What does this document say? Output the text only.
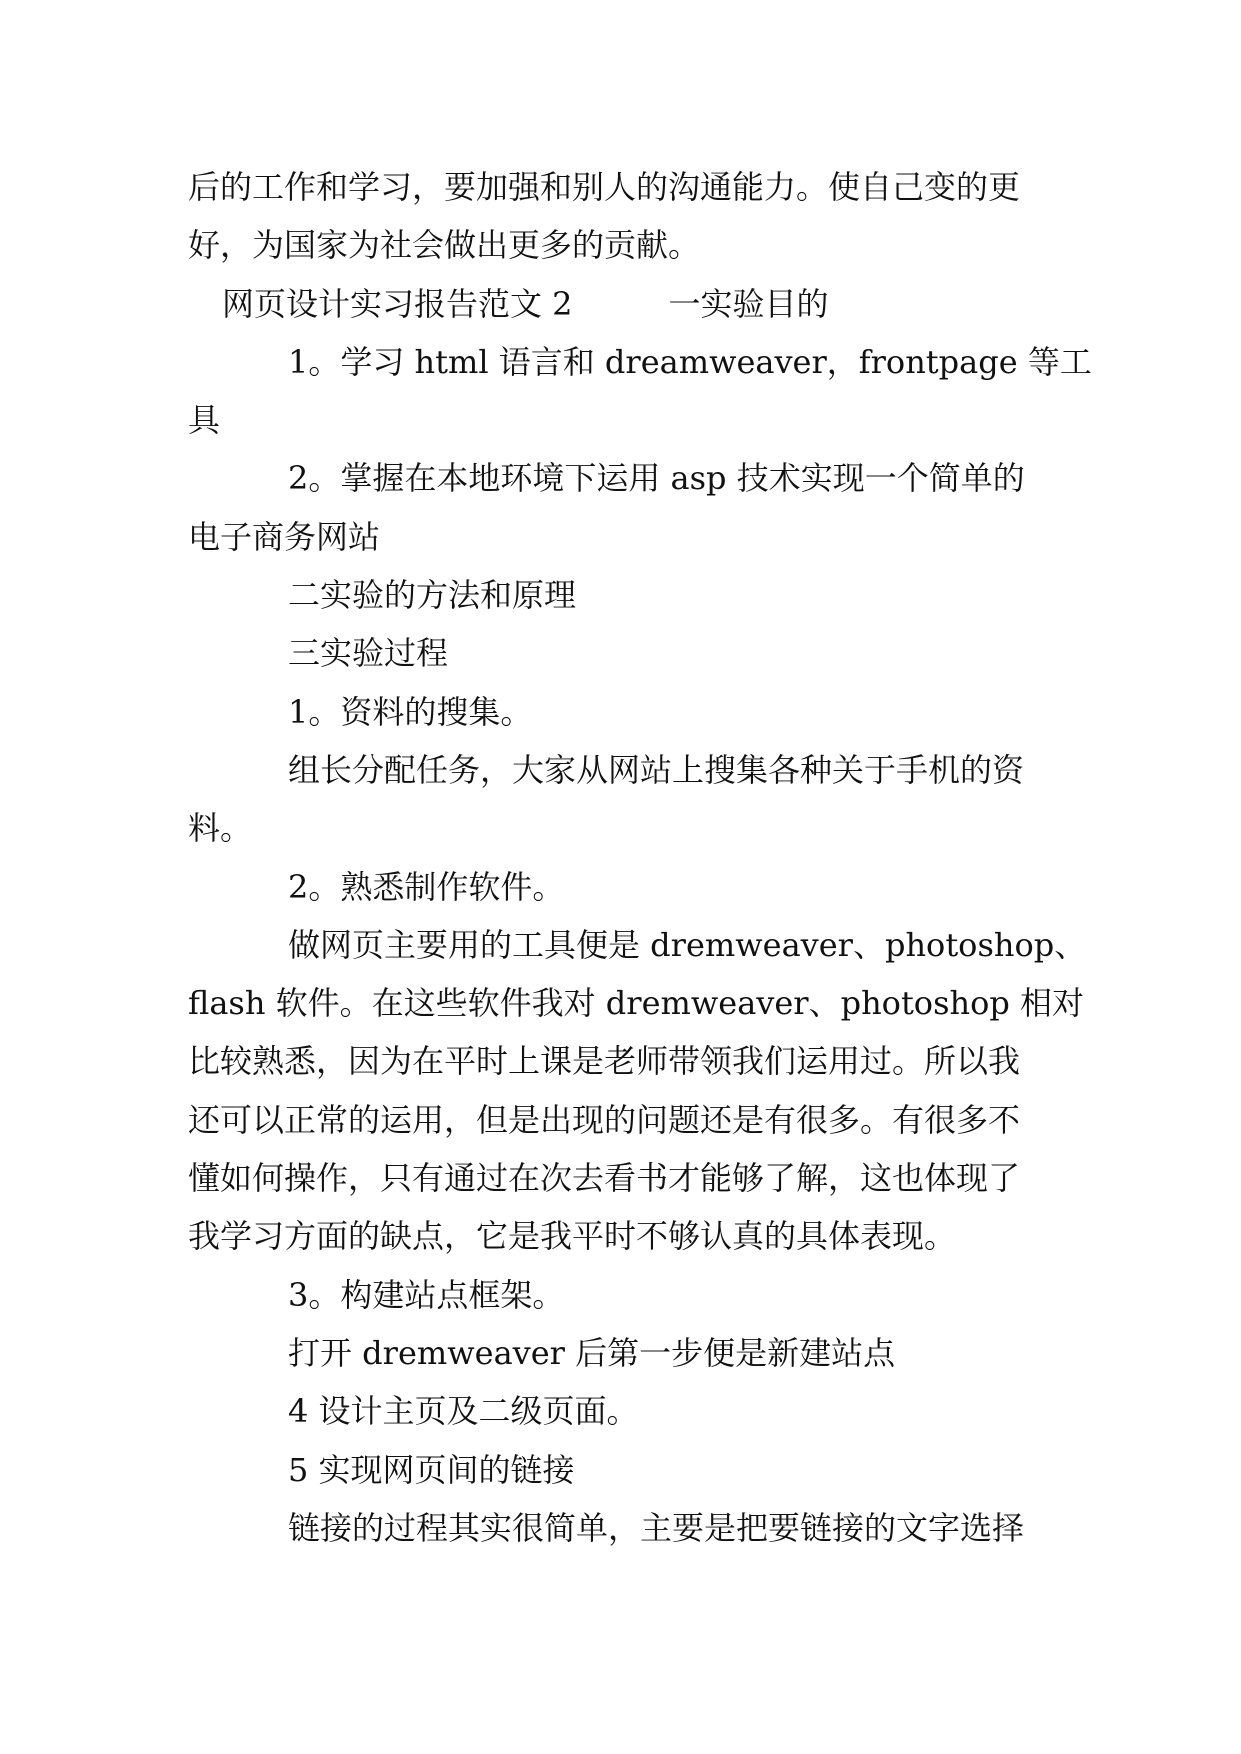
后的工作和学习，要加强和别人的沟通能力。使自己变的更
好，为国家为社会做出更多的贡献。
网页设计实习报告范文 2	一实验目的
1。学习 html 语言和 dreamweaver，frontpage 等工
具
2。掌握在本地环境下运用 asp 技术实现一个简单的
电子商务网站
二实验的方法和原理
三实验过程
1。资料的搜集。
组长分配任务，大家从网站上搜集各种关于手机的资
料。
2。熟悉制作软件。
做网页主要用的工具便是 dremweaver、photoshop、
flash 软件。在这些软件我对 dremweaver、photoshop 相对
比较熟悉，因为在平时上课是老师带领我们运用过。所以我
还可以正常的运用，但是出现的问题还是有很多。有很多不
懂如何操作，只有通过在次去看书才能够了解，这也体现了
我学习方面的缺点，它是我平时不够认真的具体表现。
3。构建站点框架。
打开 dremweaver 后第一步便是新建站点
4 设计主页及二级页面。
5 实现网页间的链接
链接的过程其实很简单，主要是把要链接的文字选择
